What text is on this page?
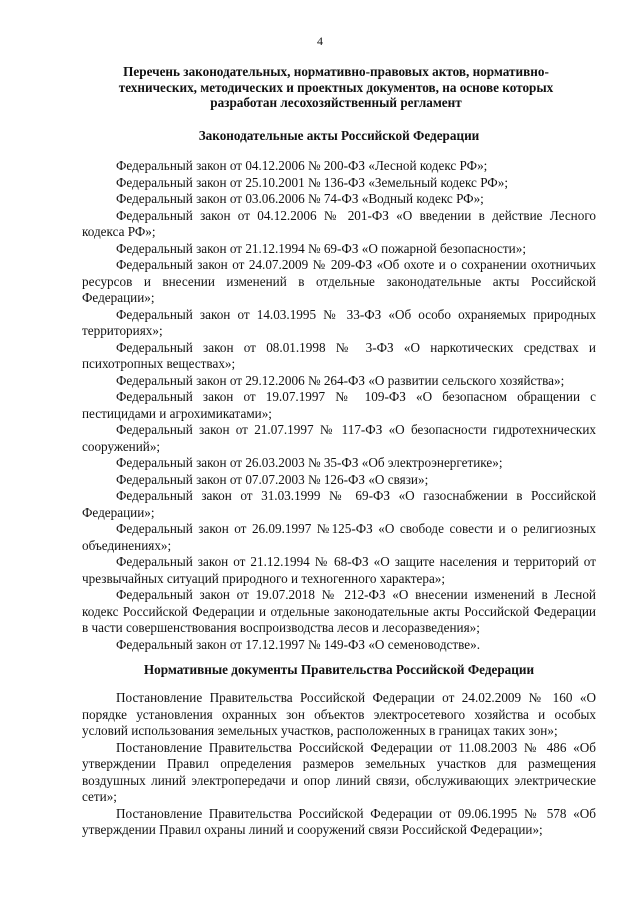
4
Перечень законодательных, нормативно-правовых актов, нормативно-технических, методических и проектных документов, на основе которых разработан лесохозяйственный регламент
Законодательные акты Российской Федерации

Федеральный закон от 04.12.2006 № 200-ФЗ «Лесной кодекс РФ»;

Федеральный закон от 25.10.2001 № 136-ФЗ «Земельный кодекс РФ»;

Федеральный закон от 03.06.2006 № 74-ФЗ «Водный кодекс РФ»;

Федеральный закон от 04.12.2006 № 201-ФЗ «О введении в действие Лесного кодекса РФ»;

Федеральный закон от 21.12.1994 № 69-ФЗ «О пожарной безопасности»;

Федеральный закон от 24.07.2009 № 209-ФЗ «Об охоте и о сохранении охотничьих ресурсов и внесении изменений в отдельные законодательные акты Российской Федерации»;

Федеральный закон от 14.03.1995 № 33-ФЗ «Об особо охраняемых природных территориях»;

Федеральный закон от 08.01.1998 № 3-ФЗ «О наркотических средствах и психотропных веществах»;

Федеральный закон от 29.12.2006 № 264-ФЗ «О развитии сельского хозяйства»;

Федеральный закон от 19.07.1997 № 109-ФЗ «О безопасном обращении с пестицидами и агрохимикатами»;

Федеральный закон от 21.07.1997 № 117-ФЗ «О безопасности гидротехнических сооружений»;

Федеральный закон от 26.03.2003 № 35-ФЗ «Об электроэнергетике»;

Федеральный закон от 07.07.2003 № 126-ФЗ «О связи»;

Федеральный закон от 31.03.1999 № 69-ФЗ «О газоснабжении в Российской Федерации»;

Федеральный закон от 26.09.1997 №125-ФЗ «О свободе совести и о религиозных объединениях»;

Федеральный закон от 21.12.1994 № 68-ФЗ «О защите населения и территорий от чрезвычайных ситуаций природного и техногенного характера»;

Федеральный закон от 19.07.2018 № 212-ФЗ «О внесении изменений в Лесной кодекс Российской Федерации и отдельные законодательные акты Российской Федерации в части совершенствования воспроизводства лесов и лесоразведения»;

Федеральный закон от 17.12.1997 № 149-ФЗ «О семеноводстве».

Нормативные документы Правительства Российской Федерации

Постановление Правительства Российской Федерации от 24.02.2009 № 160 «О порядке установления охранных зон объектов электросетевого хозяйства и особых условий использования земельных участков, расположенных в границах таких зон»;

Постановление Правительства Российской Федерации от 11.08.2003 № 486 «Об утверждении Правил определения размеров земельных участков для размещения воздушных линий электропередачи и опор линий связи, обслуживающих электрические сети»;

Постановление Правительства Российской Федерации от 09.06.1995 № 578 «Об утверждении Правил охраны линий и сооружений связи Российской Федерации»;
